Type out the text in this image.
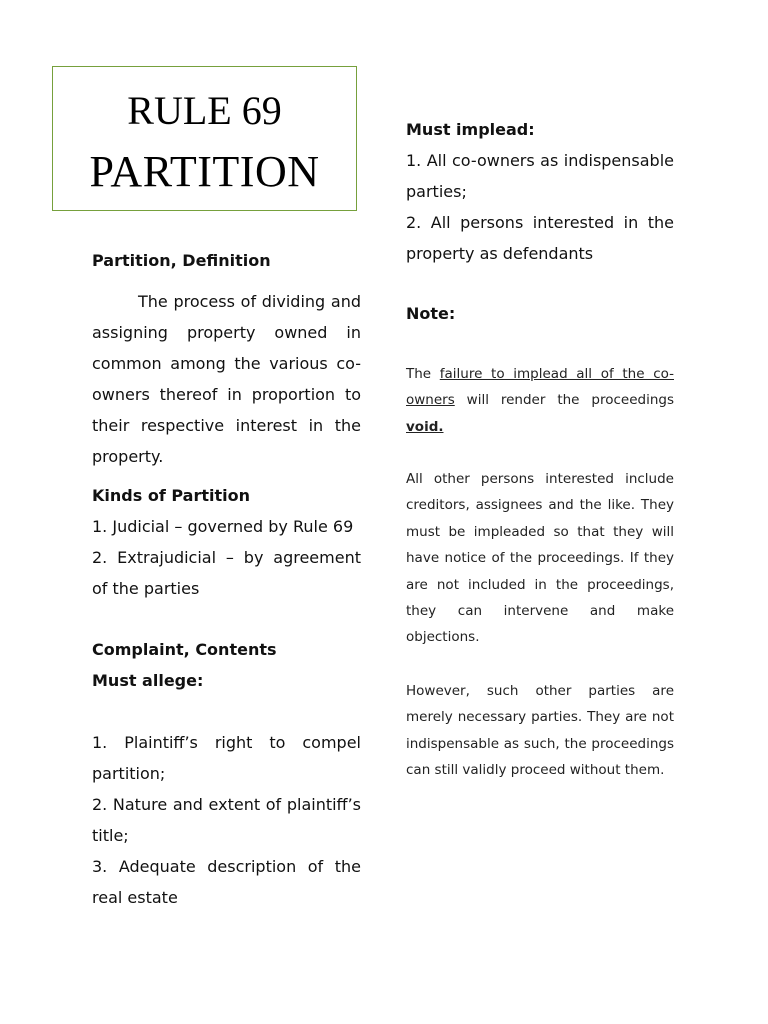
RULE 69
PARTITION

Partition, Definition

The process of dividing and assigning property owned in common among the various co-owners thereof in proportion to their respective interest in the property.

Kinds of Partition

1. Judicial – governed by Rule 69

2. Extrajudicial – by agreement of the parties

Complaint, Contents

Must allege:

1. Plaintiff’s right to compel partition;

2. Nature and extent of plaintiff’s title;

3. Adequate description of the real estate

Must implead:

1. All co-owners as indispensable parties;

2. All persons interested in the property as defendants

Note:

The failure to implead all of the co-owners will render the proceedings void.
All other persons interested include creditors, assignees and the like. They must be impleaded so that they will have notice of the proceedings. If they are not included in the proceedings, they can intervene and make objections.
However, such other parties are merely necessary parties. They are not indispensable as such, the proceedings can still validly proceed without them.
